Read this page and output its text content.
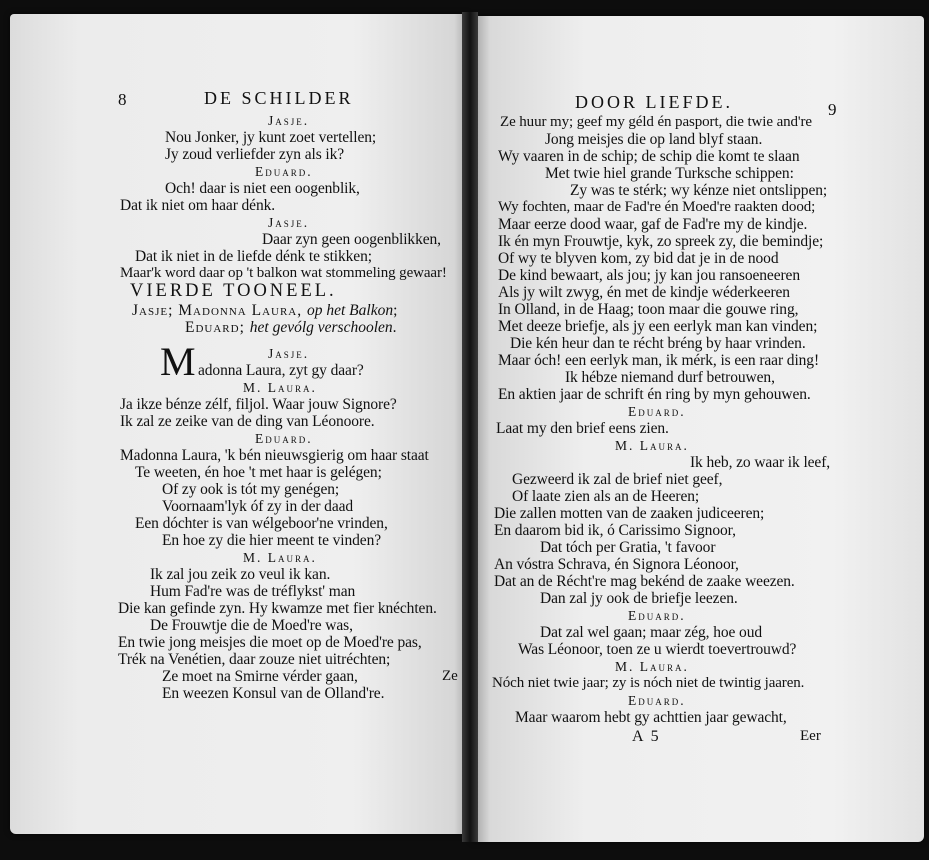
8	DE SCHILDER
Jasje.
Nou Jonker, jy kunt zoet vertellen;
Jy zoud verliefder zyn als ik?
Eduard.
Och! daar is niet een oogenblik,
Dat ik niet om haar dénk.
Jasje.
Daar zyn geen oogenblikken,
Dat ik niet in de liefde dénk te stikken;
Maar'k word daar op 't balkon wat stommeling gewaar!
VIERDE TOONEEL.
Jasje; Madonna Laura, op het Balkon;
Eduard; het gevólg verschoolen.
Jasje.
M adonna Laura, zyt gy daar?
M. Laura.
Ja ikze bénze zélf, filjol. Waar jouw Signore?
Ik zal ze zeike van de ding van Léonoore.
Eduard.
Madonna Laura, 'k bén nieuwsgierig om haar staat
Te weeten, én hoe 't met haar is gelégen;
Of zy ook is tót my genégen;
Voornaam'lyk óf zy in der daad
Een dóchter is van wélgeboor'ne vrinden,
En hoe zy die hier meent te vinden?
M. Laura.
Ik zal jou zeik zo veul ik kan.
Hum Fad're was de tréflykst' man
Die kan gefinde zyn. Hy kwamze met fier knéchten.
De Frouwtje die de Moed're was,
En twie jong meisjes die moet op de Moed're pas,
Trék na Venétien, daar zouze niet uitréchten;
Ze moet na Smirne vérder gaan,
En weezen Konsul van de Olland're.
Ze
DOOR LIEFDE.	9
Ze huur my; geef my géld én pasport, die twie and're
Jong meisjes die op land blyf staan.
Wy vaaren in de schip; de schip die komt te slaan
Met twie hiel grande Turksche schippen:
Zy was te stérk; wy kénze niet ontslippen;
Wy fochten, maar de Fad're én Moed're raakten dood;
Maar eerze dood waar, gaf de Fad're my de kindje.
Ik én myn Frouwtje, kyk, zo spreek zy, die bemindje;
Of wy te blyven kom, zy bid dat je in de nood
De kind bewaart, als jou; jy kan jou ransoeneeren
Als jy wilt zwyg, én met de kindje wéderkeeren
In Olland, in de Haag; toon maar die gouwe ring,
Met deeze briefje, als jy een eerlyk man kan vinden;
Die kén heur dan te récht bréng by haar vrinden.
Maar óch! een eerlyk man, ik mérk, is een raar ding!
Ik hébze niemand durf betrouwen,
En aktien jaar de schrift én ring by myn gehouwen.
Eduard.
Laat my den brief eens zien.
M. Laura.
Ik heb, zo waar ik leef,
Gezweerd ik zal de brief niet geef,
Of laate zien als an de Heeren;
Die zallen motten van de zaaken judiceeren;
En daarom bid ik, ó Carissimo Signoor,
Dat tóch per Gratia, 't favoor
An vóstra Schrava, én Signora Léonoor,
Dat an de Récht're mag bekénd de zaake weezen.
Dan zal jy ook de briefje leezen.
Eduard.
Dat zal wel gaan; maar zég, hoe oud
Was Léonoor, toen ze u wierdt toevertrouwd?
M. Laura.
Nóch niet twie jaar; zy is nóch niet de twintig jaaren.
Eduard.
Maar waarom hebt gy achttien jaar gewacht,
A 5	Eer
